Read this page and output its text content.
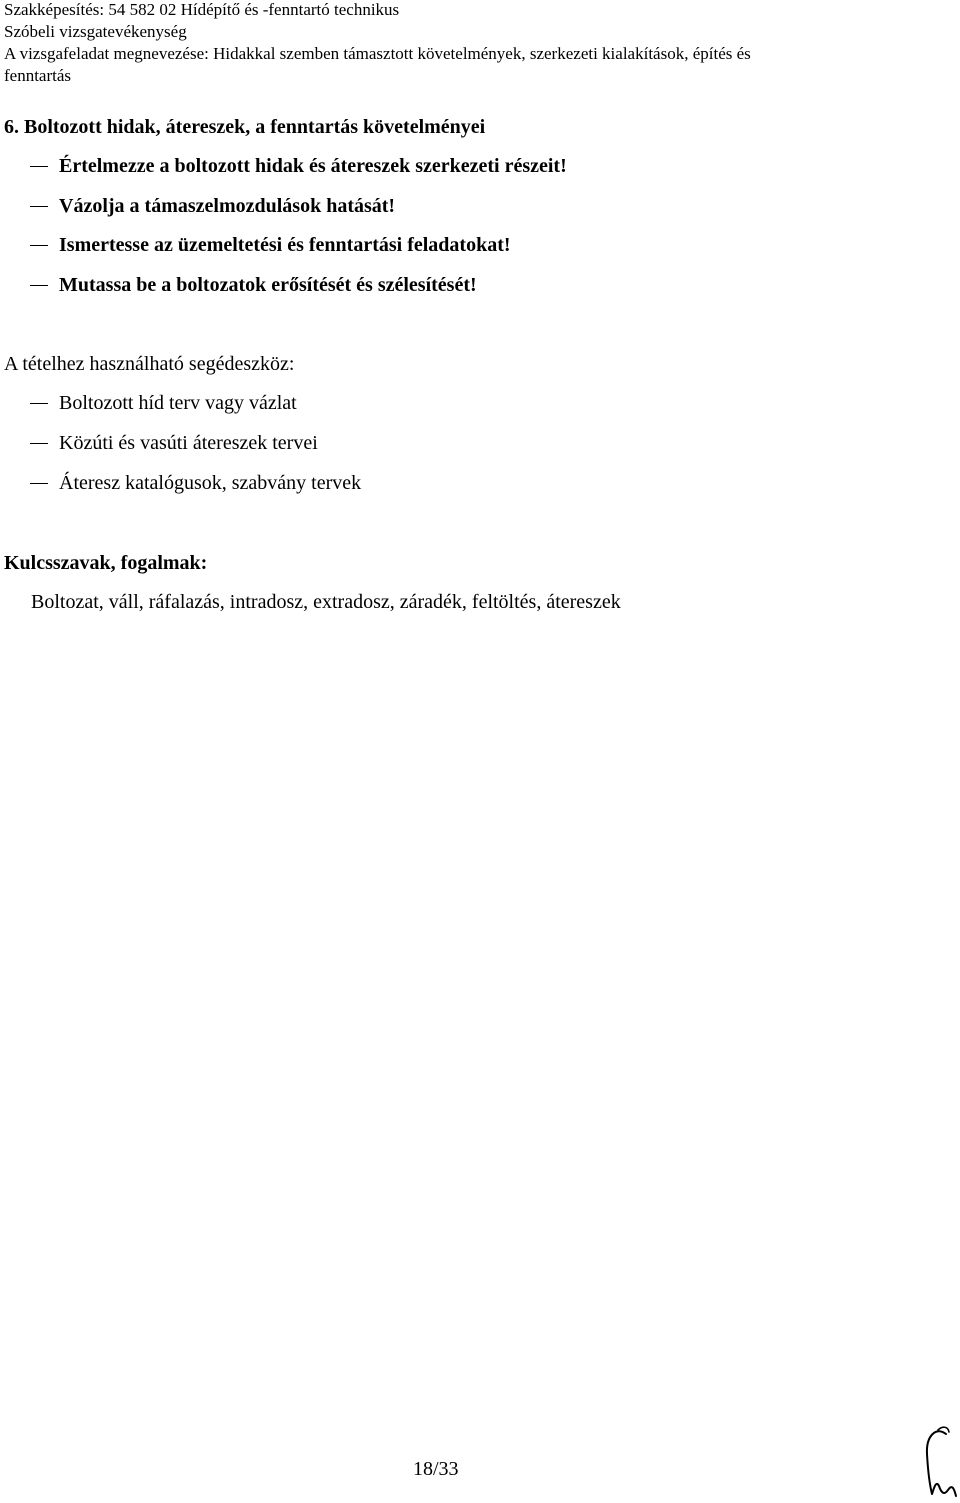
Szakképesítés: 54 582 02 Hídépítő és -fenntartó technikus
Szóbeli vizsgatevékenység
A vizsgafeladat megnevezése: Hidakkal szemben támasztott követelmények, szerkezeti kialakítások, építés és
fenntartás
6. Boltozott hidak, átereszek, a fenntartás követelményei
Értelmezze a boltozott hidak és átereszek szerkezeti részeit!
Vázolja a támaszelmozdulások hatását!
Ismertesse az üzemeltetési és fenntartási feladatokat!
Mutassa be a boltozatok erősítését és szélesítését!
A tételhez használható segédeszköz:
Boltozott híd terv vagy vázlat
Közúti és vasúti átereszek tervei
Áteresz katalógusok, szabvány tervek
Kulcsszavak, fogalmak:
Boltozat, váll, ráfalazás, intradosz, extradosz, záradék, feltöltés, átereszek
18/33
